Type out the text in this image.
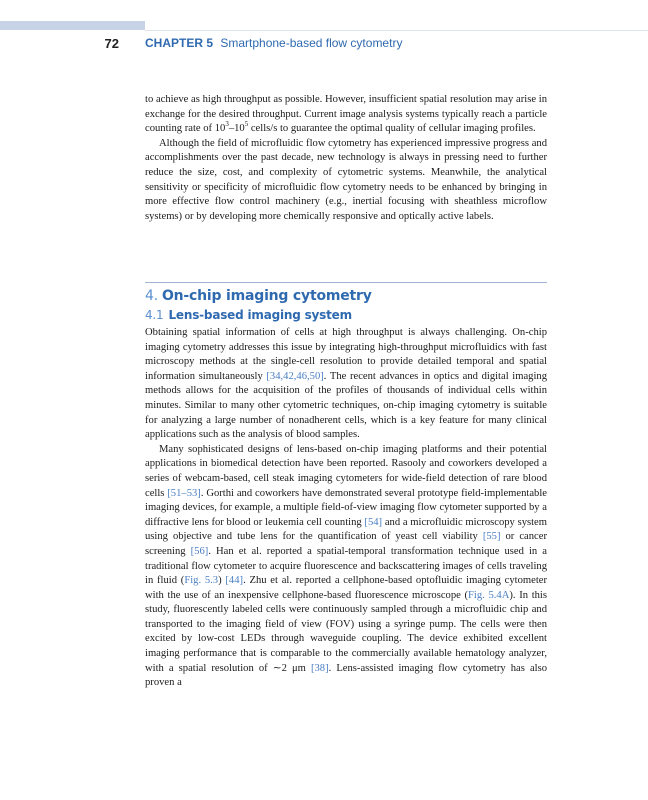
72 CHAPTER 5 Smartphone-based flow cytometry

to achieve as high throughput as possible. However, insufficient spatial resolution may arise in exchange for the desired throughput. Current image analysis systems typically reach a particle counting rate of $10^3-10^5$ cells/s to guarantee the optimal quality of cellular imaging profiles.

Although the field of microfluidic flow cytometry has experienced impressive progress and accomplishments over the past decade, new technology is always in pressing need to further reduce the size, cost, and complexity of cytometric systems. Meanwhile, the analytical sensitivity or specificity of microfluidic flow cytometry needs to be enhanced by bringing in more effective flow control machinery (e.g., inertial focusing with sheathless microflow systems) or by developing more chemically responsive and optically active labels.

4. On-chip imaging cytometry
4.1 Lens-based imaging system

Obtaining spatial information of cells at high throughput is always challenging. On-chip imaging cytometry addresses this issue by integrating high-throughput microfluidics with fast microscopy methods at the single-cell resolution to provide detailed temporal and spatial information simultaneously [34,42,46,50]. The recent advances in optics and digital imaging methods allows for the acquisition of the profiles of thousands of individual cells within minutes. Similar to many other cytometric techniques, on-chip imaging cytometry is suitable for analyzing a large number of nonadherent cells, which is a key feature for many clinical applications such as the analysis of blood samples.

Many sophisticated designs of lens-based on-chip imaging platforms and their potential applications in biomedical detection have been reported. Rasooly and coworkers developed a series of webcam-based, cell steak imaging cytometers for wide-field detection of rare blood cells [51–53]. Gorthi and coworkers have demonstrated several prototype field-implementable imaging devices, for example, a multiple field-of-view imaging flow cytometer supported by a diffractive lens for blood or leukemia cell counting [54] and a microfluidic microscopy system using objective and tube lens for the quantification of yeast cell viability [55] or cancer screening [56]. Han et al. reported a spatial-temporal transformation technique used in a traditional flow cytometer to acquire fluorescence and backscattering images of cells traveling in fluid (Fig. 5.3) [44]. Zhu et al. reported a cellphone-based optofluidic imaging cytometer with the use of an inexpensive cellphone-based fluorescence microscope (Fig. 5.4A). In this study, fluorescently labeled cells were continuously sampled through a microfluidic chip and transported to the imaging field of view (FOV) using a syringe pump. The cells were then excited by low-cost LEDs through waveguide coupling. The device exhibited excellent imaging performance that is comparable to the commercially available hematology analyzer, with a spatial resolution of ∼2 μm [38]. Lens-assisted imaging flow cytometry has also proven a
